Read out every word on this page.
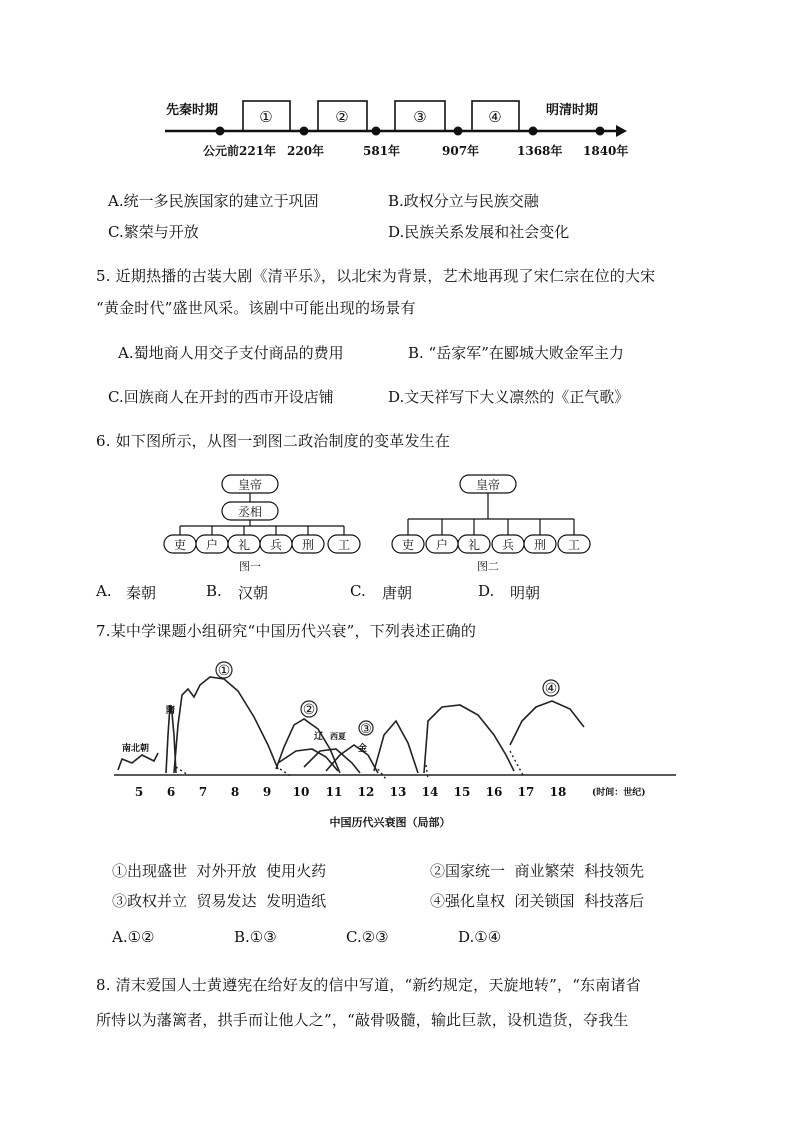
先秦时期	明清时期
①	②	③	④
公元前221年 220年	581年	907年	1368年 1840年
A.统一多民族国家的建立于巩固	B.政权分立与民族交融
C.繁荣与开放	D.民族关系发展和社会变化
5. 近期热播的古装大剧《清平乐》，以北宋为背景，艺术地再现了宋仁宗在位的大宋
“黄金时代”盛世风采。该剧中可能出现的场景有
A.蜀地商人用交子支付商品的费用	B. “岳家军”在郾城大败金军主力
C.回族商人在开封的西市开设店铺	D.文天祥写下大义凛然的《正气歌》
6. 如下图所示，从图一到图二政治制度的变革发生在
皇帝
丞相
吏 户 礼 兵 刑 工
图一
皇帝
吏 户 礼 兵 刑 工
图二
A. 秦朝	B. 汉朝	C. 唐朝	D. 明朝
7.某中学课题小组研究“中国历代兴衰”，下列表述正确的
①
②
③
④
南北朝
隋
辽 西夏
金
5 6 7 8 9 10 11 12 13 14 15 16 17 18	(时间：世纪)
中国历代兴衰图（局部）
①出现盛世  对外开放  使用火药	②国家统一  商业繁荣  科技领先
③政权并立  贸易发达  发明造纸	④强化皇权  闭关锁国  科技落后
A.①②	B.①③	C.②③	D.①④
8. 清末爱国人士黄遵宪在给好友的信中写道，“新约规定，天旋地转”，“东南诸省
所恃以为藩篱者，拱手而让他人之”，“敲骨吸髓，输此巨款，设机造货，夺我生
